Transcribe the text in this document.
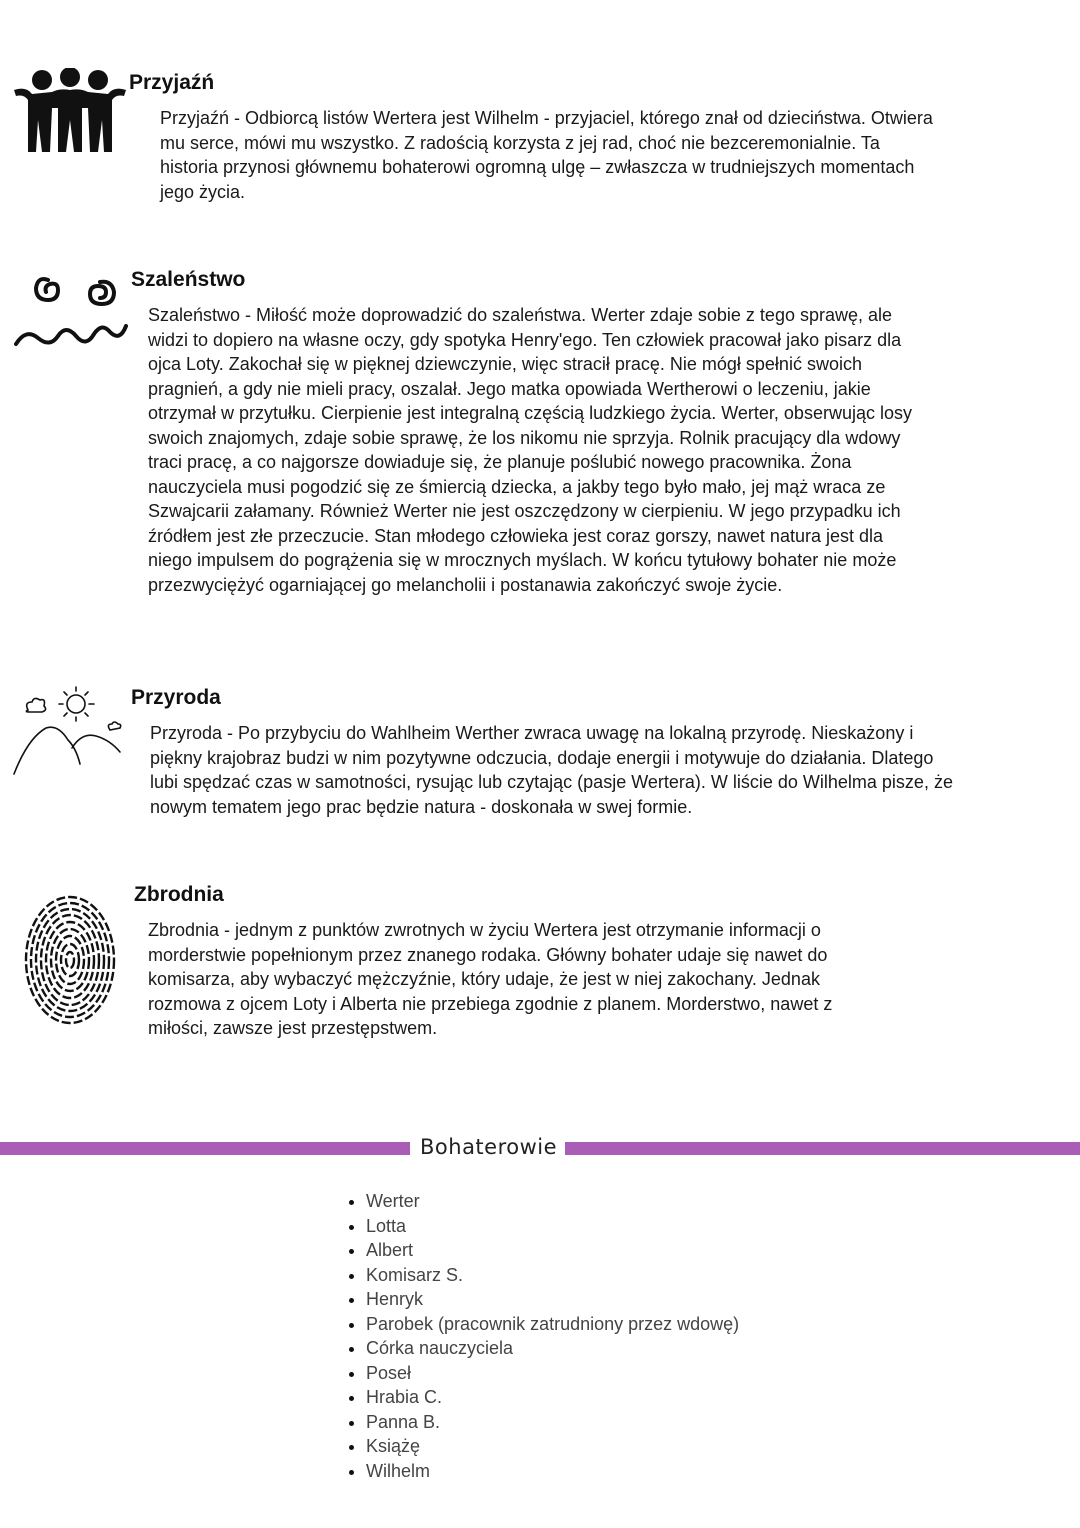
Przyjaźń

Przyjaźń - Odbiorcą listów Wertera jest Wilhelm - przyjaciel, którego znał od dzieciństwa. Otwiera mu serce, mówi mu wszystko. Z radością korzysta z jej rad, choć nie bezceremonialnie. Ta historia przynosi głównemu bohaterowi ogromną ulgę – zwłaszcza w trudniejszych momentach jego życia.

Szaleństwo

Szaleństwo - Miłość może doprowadzić do szaleństwa. Werter zdaje sobie z tego sprawę, ale widzi to dopiero na własne oczy, gdy spotyka Henry'ego. Ten człowiek pracował jako pisarz dla ojca Loty. Zakochał się w pięknej dziewczynie, więc stracił pracę. Nie mógł spełnić swoich pragnień, a gdy nie mieli pracy, oszalał. Jego matka opowiada Wertherowi o leczeniu, jakie otrzymał w przytułku. Cierpienie jest integralną częścią ludzkiego życia. Werter, obserwując losy swoich znajomych, zdaje sobie sprawę, że los nikomu nie sprzyja. Rolnik pracujący dla wdowy traci pracę, a co najgorsze dowiaduje się, że planuje poślubić nowego pracownika. Żona nauczyciela musi pogodzić się ze śmiercią dziecka, a jakby tego było mało, jej mąż wraca ze Szwajcarii załamany. Również Werter nie jest oszczędzony w cierpieniu. W jego przypadku ich źródłem jest złe przeczucie. Stan młodego człowieka jest coraz gorszy, nawet natura jest dla niego impulsem do pogrążenia się w mrocznych myślach. W końcu tytułowy bohater nie może przezwyciężyć ogarniającej go melancholii i postanawia zakończyć swoje życie.

Przyroda

Przyroda - Po przybyciu do Wahlheim Werther zwraca uwagę na lokalną przyrodę. Nieskażony i piękny krajobraz budzi w nim pozytywne odczucia, dodaje energii i motywuje do działania. Dlatego lubi spędzać czas w samotności, rysując lub czytając (pasje Wertera). W liście do Wilhelma pisze, że nowym tematem jego prac będzie natura - doskonała w swej formie.

Zbrodnia

Zbrodnia - jednym z punktów zwrotnych w życiu Wertera jest otrzymanie informacji o morderstwie popełnionym przez znanego rodaka. Główny bohater udaje się nawet do komisarza, aby wybaczyć mężczyźnie, który udaje, że jest w niej zakochany. Jednak rozmowa z ojcem Loty i Alberta nie przebiega zgodnie z planem. Morderstwo, nawet z miłości, zawsze jest przestępstwem.

Bohaterowie
• Werter
• Lotta
• Albert
• Komisarz S.
• Henryk
• Parobek (pracownik zatrudniony przez wdowę)
• Córka nauczyciela
• Poseł
• Hrabia C.
• Panna B.
• Książę
• Wilhelm
